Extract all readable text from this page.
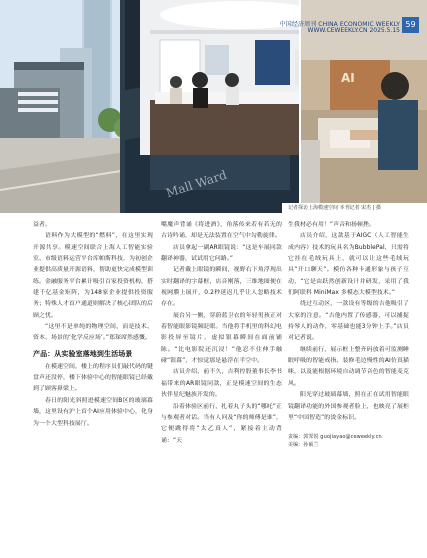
Mall Ward
AI
中国经济周刊 CHINA ECONOMIC WEEKLY
WWW.CEWEEKLY.CN 2025.5.15
59
记者探访上海模速空间 本刊记者 宋杰 | 摄

益者。

语料作为大模型的“燃料”，在这里实现开源共享。模速空间联合上海人工智能实验室、市级语料运营平台库帕斯科技，为初创企业提供高质量开源语料，帮助更快完成模型训练。金融服务平台累计吸引百家投资机构，搭建千亿基金矩阵，为148家企业提供投资服务；特殊人才首户通道则解决了核心团队的后顾之忧。

“这里不是单纯的物理空间，而是技术、资本、场景的‘化学反应场’。”郑琛席然感慨。

产品：从实验室落地到生活场景

在模速空间，楼上的程序员们敲代码的键盘声还没停，楼下体验中心的智能眼镜已经戴到了顾客鼻梁上。

春日的阳光斜照进模速空间B区的玻璃幕墙，这里设有沪上首个AI应用体验中心，化身为一个大型科技展厅。

嘴魔声背诵《将进酒》，角落传来若有若无的古诗吟诵，却是无法装置在空气中勾勒旋律。

店员拿起一副AR眼镜说：“这是车展同款翻译神器，试试用它问路。”

记者戴上眼镜的瞬间，视野右下角浮现出实时翻译的字幕框，店音刚落，三维地图便在视网膜上展开，0.2秒延迟几乎让人忽略技术存在。

展台另一侧，穿蔚蓝卫衣的年轻男孩正对着智能眼影镜频眨眼。当他将手机里的科幻电影投屏至镜片，虚拟银幕瞬间在面前铺陈。“比电影院还沉浸！”他忍不住伸手触碰“银幕”，才惊觉那是悬浮在半空中。

店员介绍，前不久，吉利控股董事长李书福带来的AR眼镜同款，正是模速空间的生态伙伴星纪魅族开发的。

沿着体验区前行，扎着丸子头的“哪吒”正与参观者对话。当有人问及“你的师傅是谁”，它便跳得将“太乙真人”，紧接着主动背诵：“天

生我材必有用！”声音和扬顿挫。

店员介绍，这款基于AIGC（人工智能生成内容）技术的玩具名为BubblePal，只需将它挂在毛绒玩具上，就可以让这些毛绒玩具“开口聊天”。模仿各种卡通形象与孩子互动，“它是由跃然创新设计并研发，采用了我们阿联科 MiniMax 多模态大模型技术。”

绕过互动区，一款设有等级的吉他吸引了大家的注意。“吉他内置了传感器，可以捕捉持琴人的动作，零基础也能3分钟上手。”店员对记者说。

继续前行，展示框上整齐码放着可监测睡眠呼吸的智能戒指、装修毛边慢性的AI仿真猫咪，以及能根据环境自动调节音色的智能麦克风。

阳光穿过玻璃幕墙，照在正在试用智能眼镜翻译功能的外国参观者脸上，也映亮了展柜里“中国智造”的烫金标识。

责编：郭霁锐 guojiayao@ceweekly.cn
美编：孙硕兰
